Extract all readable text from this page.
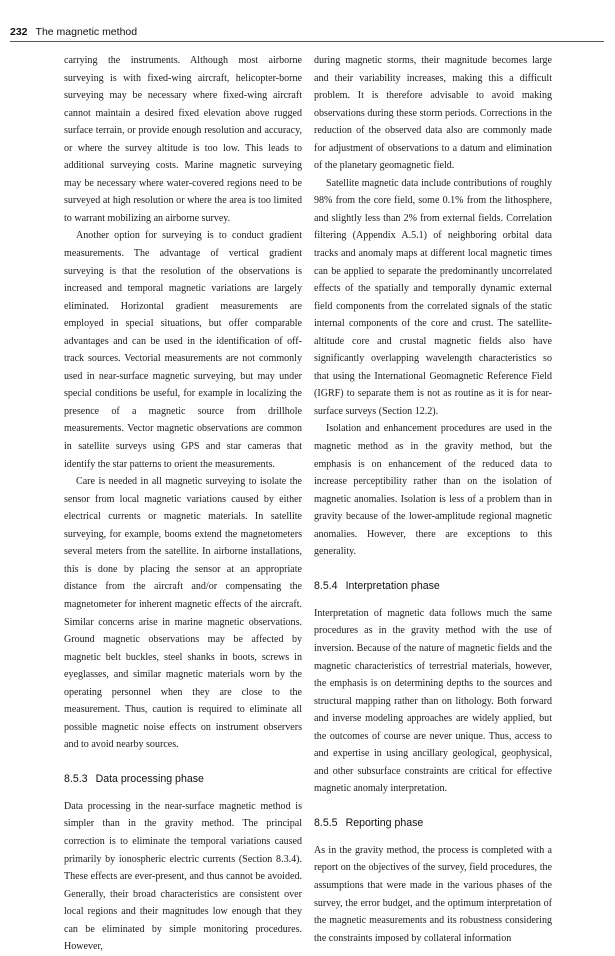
232 The magnetic method

carrying the instruments. Although most airborne surveying is with fixed-wing aircraft, helicopter-borne surveying may be necessary where fixed-wing aircraft cannot maintain a desired fixed elevation above rugged surface terrain, or provide enough resolution and accuracy, or where the survey altitude is too low. This leads to additional surveying costs. Marine magnetic surveying may be necessary where water-covered regions need to be surveyed at high resolution or where the area is too limited to warrant mobilizing an airborne survey.

Another option for surveying is to conduct gradient measurements. The advantage of vertical gradient surveying is that the resolution of the observations is increased and temporal magnetic variations are largely eliminated. Horizontal gradient measurements are employed in special situations, but offer comparable advantages and can be used in the identification of off-track sources. Vectorial measurements are not commonly used in near-surface magnetic surveying, but may under special conditions be useful, for example in localizing the presence of a magnetic source from drillhole measurements. Vector magnetic observations are common in satellite surveys using GPS and star cameras that identify the star patterns to orient the measurements.

Care is needed in all magnetic surveying to isolate the sensor from local magnetic variations caused by either electrical currents or magnetic materials. In satellite surveying, for example, booms extend the magnetometers several meters from the satellite. In airborne installations, this is done by placing the sensor at an appropriate distance from the aircraft and/or compensating the magnetometer for inherent magnetic effects of the aircraft. Similar concerns arise in marine magnetic observations. Ground magnetic observations may be affected by magnetic belt buckles, steel shanks in boots, screws in eyeglasses, and similar magnetic materials worn by the operating personnel when they are close to the measurement. Thus, caution is required to eliminate all possible magnetic noise effects on instrument observers and to avoid nearby sources.

8.5.3 Data processing phase

Data processing in the near-surface magnetic method is simpler than in the gravity method. The principal correction is to eliminate the temporal variations caused primarily by ionospheric electric currents (Section 8.3.4). These effects are ever-present, and thus cannot be avoided. Generally, their broad characteristics are consistent over local regions and their magnitudes low enough that they can be eliminated by simple monitoring procedures. However,

during magnetic storms, their magnitude becomes large and their variability increases, making this a difficult problem. It is therefore advisable to avoid making observations during these storm periods. Corrections in the reduction of the observed data also are commonly made for adjustment of observations to a datum and elimination of the planetary geomagnetic field.

Satellite magnetic data include contributions of roughly 98% from the core field, some 0.1% from the lithosphere, and slightly less than 2% from external fields. Correlation filtering (Appendix A.5.1) of neighboring orbital data tracks and anomaly maps at different local magnetic times can be applied to separate the predominantly uncorrelated effects of the spatially and temporally dynamic external field components from the correlated signals of the static internal components of the core and crust. The satellite-altitude core and crustal magnetic fields also have significantly overlapping wavelength characteristics so that using the International Geomagnetic Reference Field (IGRF) to separate them is not as routine as it is for near-surface surveys (Section 12.2).

Isolation and enhancement procedures are used in the magnetic method as in the gravity method, but the emphasis is on enhancement of the reduced data to increase perceptibility rather than on the isolation of magnetic anomalies. Isolation is less of a problem than in gravity because of the lower-amplitude regional magnetic anomalies. However, there are exceptions to this generality.

8.5.4 Interpretation phase

Interpretation of magnetic data follows much the same procedures as in the gravity method with the use of inversion. Because of the nature of magnetic fields and the magnetic characteristics of terrestrial materials, however, the emphasis is on determining depths to the sources and structural mapping rather than on lithology. Both forward and inverse modeling approaches are widely applied, but the outcomes of course are never unique. Thus, access to and expertise in using ancillary geological, geophysical, and other subsurface constraints are critical for effective magnetic anomaly interpretation.

8.5.5 Reporting phase

As in the gravity method, the process is completed with a report on the objectives of the survey, field procedures, the assumptions that were made in the various phases of the survey, the error budget, and the optimum interpretation of the magnetic measurements and its robustness considering the constraints imposed by collateral information
